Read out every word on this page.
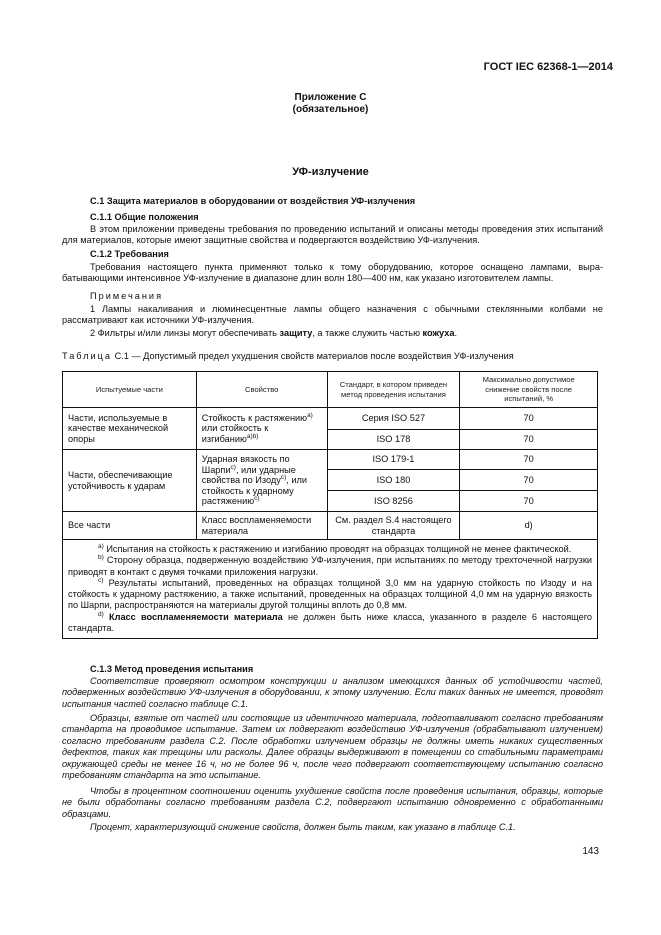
ГОСТ IEC 62368-1—2014
Приложение С
(обязательное)
УФ-излучение
С.1 Защита материалов в оборудовании от воздействия УФ-излучения
С.1.1 Общие положения
В этом приложении приведены требования по проведению испытаний и описаны методы проведения этих испытаний для материалов, которые имеют защитные свойства и подвергаются воздействию УФ-излучения.
С.1.2 Требования
Требования настоящего пункта применяют только к тому оборудованию, которое оснащено лампами, вырабатывающими интенсивное УФ-излучение в диапазоне длин волн 180—400 нм, как указано изготовителем лампы.
Примечания
1 Лампы накаливания и люминесцентные лампы общего назначения с обычными стеклянными колбами не рассматривают как источники УФ-излучения.
2 Фильтры и/или линзы могут обеспечивать защиту, а также служить частью кожуха.
Таблица С.1 — Допустимый предел ухудшения свойств материалов после воздействия УФ-излучения
Испытуемые части	Свойство	Стандарт, в котором приведен метод проведения испытания	Максимально допустимое снижение свойств после испытаний, %
Части, используемые в качестве механической опоры	Стойкость к растяжению$^{a)}$ или стойкость к изгибанию$^{a)b)}$	Серия ISO 527	70
		ISO 178	70
Части, обеспечивающие устойчивость к ударам	Ударная вязкость по Шарпи$^{c)}$, или ударные свойства по Изоду$^{c)}$, или стойкость к ударному растяжению$^{c)}$	ISO 179-1	70
		ISO 180	70
		ISO 8256	70
Все части	Класс воспламеняемости материала	См. раздел S.4 настоящего стандарта	d)

$^{a)}$ Испытания на стойкость к растяжению и изгибанию проводят на образцах толщиной не менее фактической.
$^{b)}$ Сторону образца, подверженную воздействию УФ-излучения, при испытаниях по методу трехточечной нагрузки приводят в контакт с двумя точками приложения нагрузки.
$^{c)}$ Результаты испытаний, проведенных на образцах толщиной 3,0 мм на ударную стойкость по Изоду и на стойкость к ударному растяжению, а также испытаний, проведенных на образцах толщиной 4,0 мм на ударную вязкость по Шарпи, распространяются на материалы другой толщины вплоть до 0,8 мм.
$^{d)}$ Класс воспламеняемости материала не должен быть ниже класса, указанного в разделе 6 настоящего стандарта.			
С.1.3 Метод проведения испытания
Соответствие проверяют осмотром конструкции и анализом имеющихся данных об устойчивости частей, подверженных воздействию УФ-излучения в оборудовании, к этому излучению. Если таких данных не имеется, проводят испытания частей согласно таблице С.1.
Образцы, взятые от частей или состоящие из идентичного материала, подготавливают согласно требованиям стандарта на проводимое испытание. Затем их подвергают воздействию УФ-излучения (обрабатывают излучением) согласно требованиям раздела С.2. После обработки излучением образцы не должны иметь никаких существенных дефектов, таких как трещины или расколы. Далее образцы выдерживают в помещении со стабильными параметрами окружающей среды не менее 16 ч, но не более 96 ч, после чего подвергают соответствующему испытанию согласно требованиям стандарта на это испытание.
Чтобы в процентном соотношении оценить ухудшение свойств после проведения испытания, образцы, которые не были обработаны согласно требованиям раздела С.2, подвергают испытанию одновременно с обработанными образцами.
Процент, характеризующий снижение свойств, должен быть таким, как указано в таблице С.1.
143
